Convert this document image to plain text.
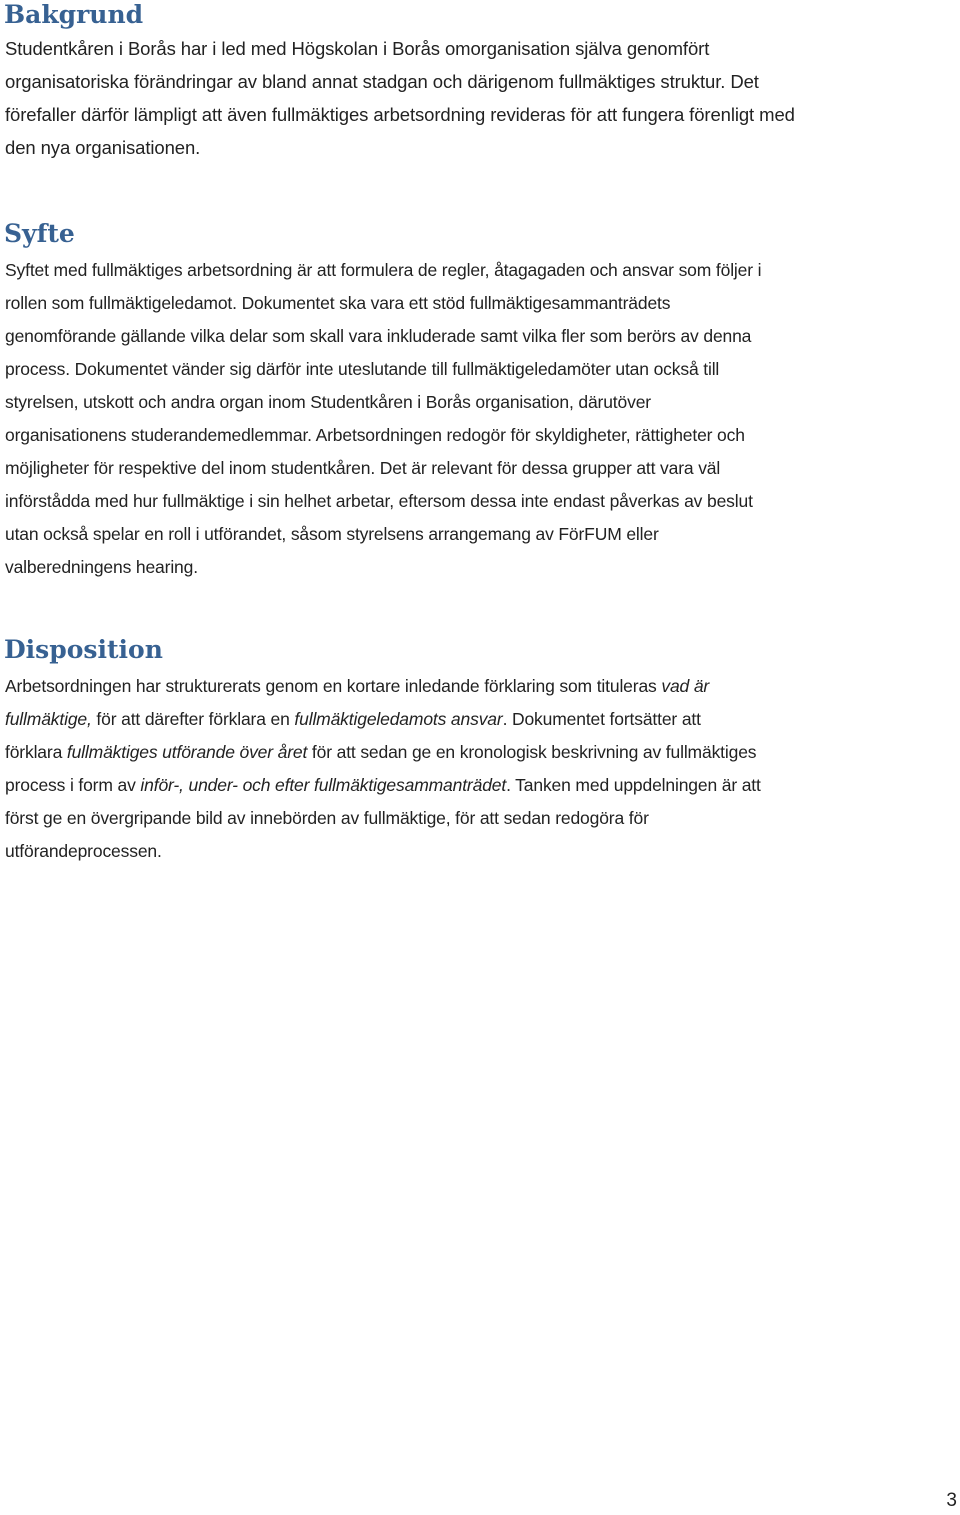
Bakgrund
Studentkåren i Borås har i led med Högskolan i Borås omorganisation själva genomfört
organisatoriska förändringar av bland annat stadgan och därigenom fullmäktiges struktur. Det
förefaller därför lämpligt att även fullmäktiges arbetsordning revideras för att fungera förenligt med
den nya organisationen.
Syfte
Syftet med fullmäktiges arbetsordning är att formulera de regler, åtagagaden och ansvar som följer i
rollen som fullmäktigeledamot. Dokumentet ska vara ett stöd fullmäktigesammanträdets
genomförande gällande vilka delar som skall vara inkluderade samt vilka fler som berörs av denna
process. Dokumentet vänder sig därför inte uteslutande till fullmäktigeledamöter utan också till
styrelsen, utskott och andra organ inom Studentkåren i Borås organisation, därutöver
organisationens studerandemedlemmar. Arbetsordningen redogör för skyldigheter, rättigheter och
möjligheter för respektive del inom studentkåren. Det är relevant för dessa grupper att vara väl
införstådda med hur fullmäktige i sin helhet arbetar, eftersom dessa inte endast påverkas av beslut
utan också spelar en roll i utförandet, såsom styrelsens arrangemang av FörFUM eller
valberedningens hearing.
Disposition
Arbetsordningen har strukturerats genom en kortare inledande förklaring som tituleras vad är
fullmäktige, för att därefter förklara en fullmäktigeledamots ansvar. Dokumentet fortsätter att
förklara fullmäktiges utförande över året för att sedan ge en kronologisk beskrivning av fullmäktiges
process i form av inför-, under- och efter fullmäktigesammanträdet. Tanken med uppdelningen är att
först ge en övergripande bild av innebörden av fullmäktige, för att sedan redogöra för
utförandeprocessen.
3
